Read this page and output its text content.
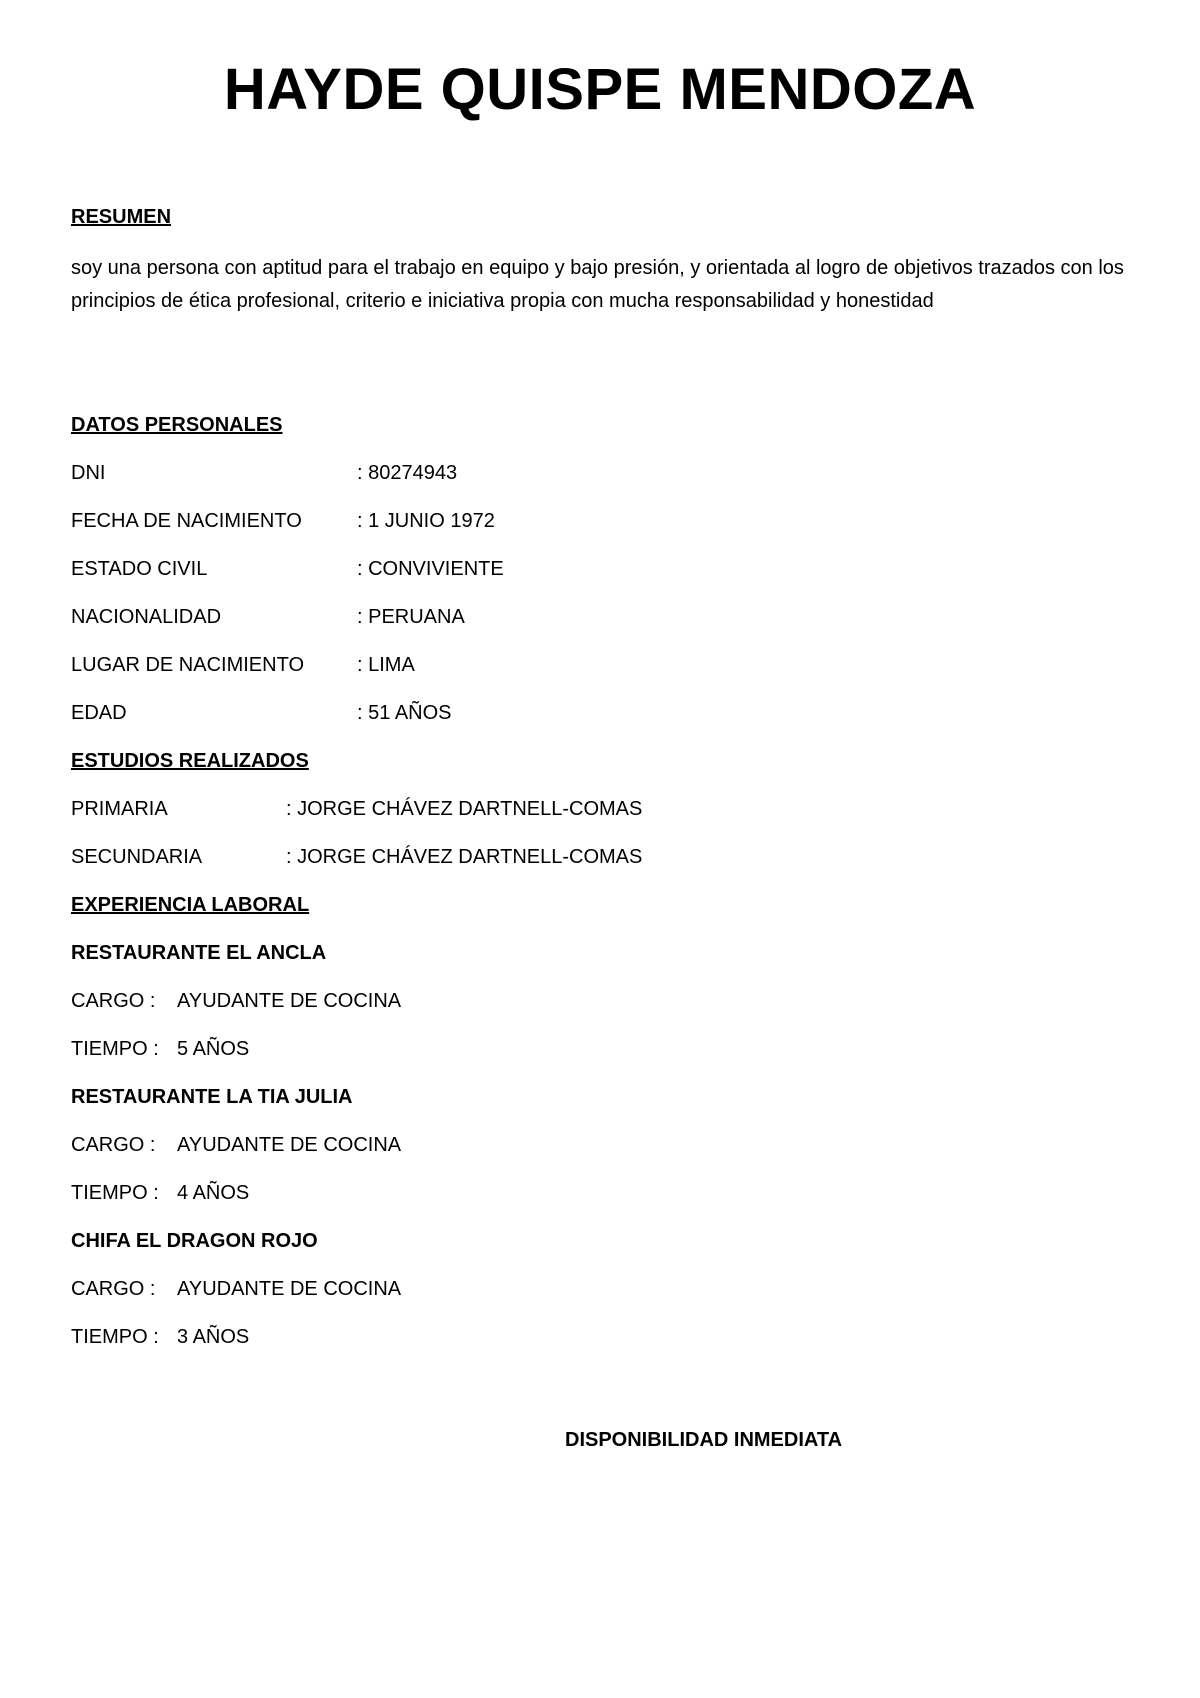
HAYDE QUISPE MENDOZA
RESUMEN
soy una persona con aptitud para el trabajo en equipo y bajo presión, y orientada al logro de objetivos trazados con los principios de ética profesional, criterio e iniciativa propia con mucha responsabilidad y honestidad
DATOS PERSONALES
DNI	: 80274943
FECHA DE NACIMIENTO	: 1 JUNIO 1972
ESTADO CIVIL	: CONVIVIENTE
NACIONALIDAD	: PERUANA
LUGAR DE NACIMIENTO	: LIMA
EDAD	: 51 AÑOS
ESTUDIOS REALIZADOS
PRIMARIA	: JORGE CHÁVEZ DARTNELL-COMAS
SECUNDARIA	: JORGE CHÁVEZ DARTNELL-COMAS
EXPERIENCIA LABORAL
RESTAURANTE EL ANCLA
CARGO : AYUDANTE DE COCINA
TIEMPO : 5 AÑOS
RESTAURANTE LA TIA JULIA
CARGO : AYUDANTE DE COCINA
TIEMPO : 4 AÑOS
CHIFA EL DRAGON ROJO
CARGO : AYUDANTE DE COCINA
TIEMPO : 3 AÑOS
DISPONIBILIDAD INMEDIATA
